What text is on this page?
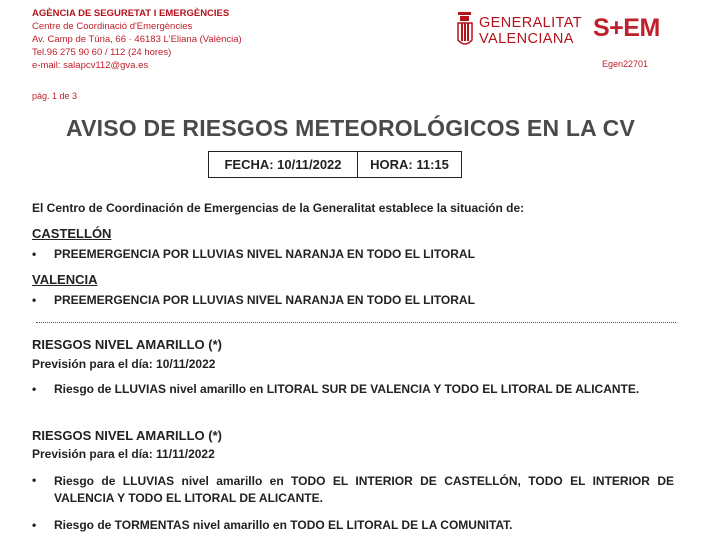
AGÈNCIA DE SEGURETAT I EMERGÈNCIES
Centre de Coordinació d'Emergències
Av. Camp de Túria, 66 · 46183 L'Eliana (València)
Tel.96 275 90 60 / 112 (24 hores)
e-mail: salapcv112@gva.es
GENERALITAT
VALENCIANA S+EM
Egen22701
pág. 1 de 3
AVISO DE RIESGOS METEOROLÓGICOS EN LA CV
FECHA: 10/11/2022	HORA: 11:15
El Centro de Coordinación de Emergencias de la Generalitat establece la situación de:
CASTELLÓN
• PREEMERGENCIA POR LLUVIAS NIVEL NARANJA EN TODO EL LITORAL
VALENCIA
• PREEMERGENCIA POR LLUVIAS NIVEL NARANJA EN TODO EL LITORAL
RIESGOS NIVEL AMARILLO (*)
Previsión para el día: 10/11/2022
• Riesgo de LLUVIAS nivel amarillo en LITORAL SUR DE VALENCIA Y TODO EL LITORAL DE ALICANTE.
RIESGOS NIVEL AMARILLO (*)
Previsión para el día: 11/11/2022
•	Riesgo de LLUVIAS nivel amarillo en TODO EL INTERIOR DE CASTELLÓN, TODO EL INTERIOR DE VALENCIA Y TODO EL LITORAL DE ALICANTE.
• Riesgo de TORMENTAS nivel amarillo en TODO EL LITORAL DE LA COMUNITAT.
